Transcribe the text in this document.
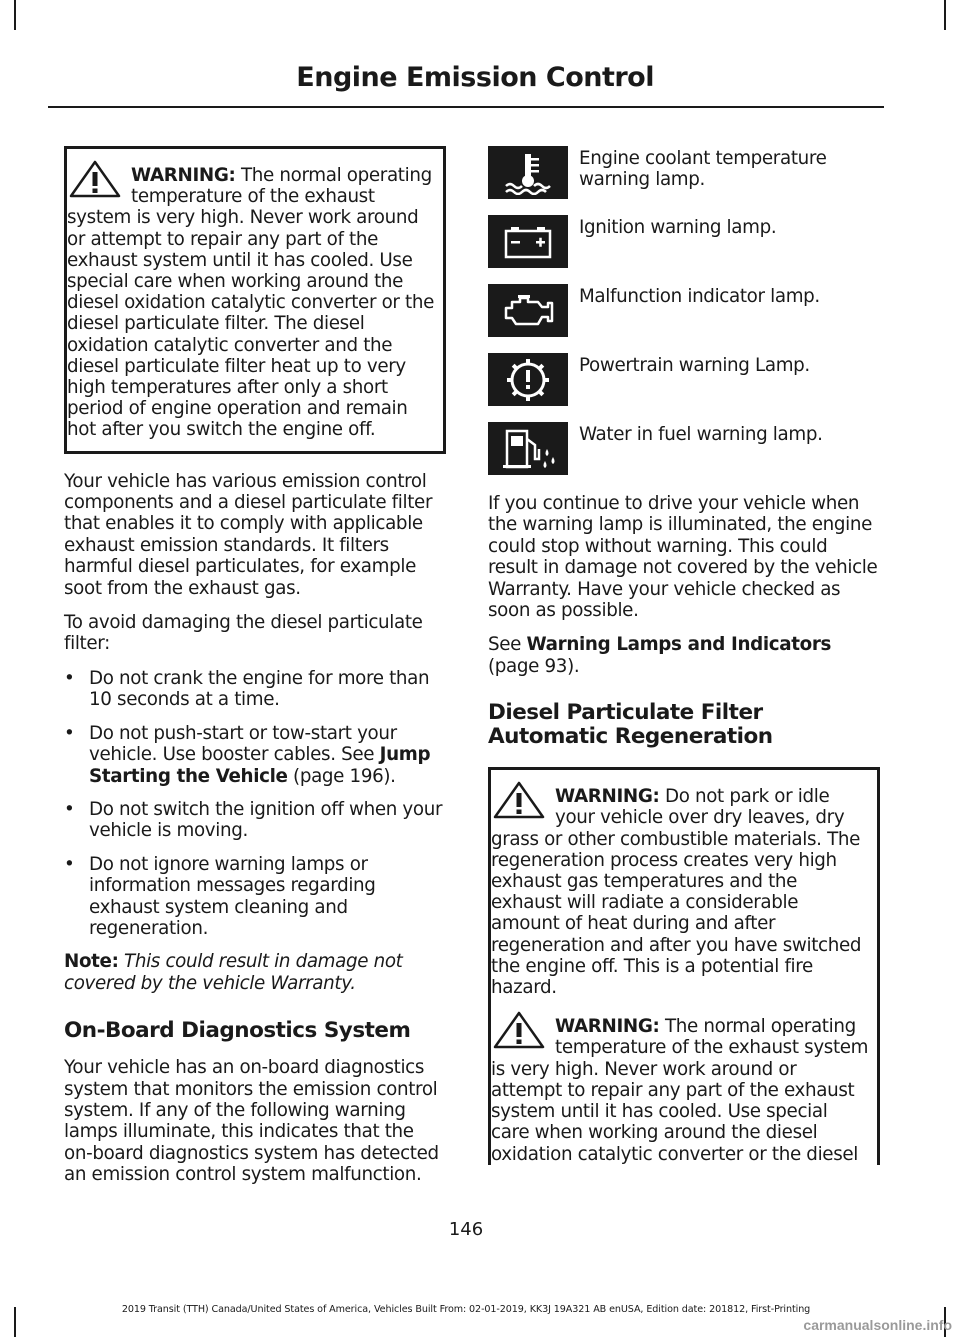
Engine Emission Control
WARNING: The normal operating temperature of the exhaust system is very high. Never work around or attempt to repair any part of the exhaust system until it has cooled. Use special care when working around the diesel oxidation catalytic converter or the diesel particulate filter. The diesel oxidation catalytic converter and the diesel particulate filter heat up to very high temperatures after only a short period of engine operation and remain hot after you switch the engine off.

Your vehicle has various emission control components and a diesel particulate filter that enables it to comply with applicable exhaust emission standards. It filters harmful diesel particulates, for example soot from the exhaust gas.

To avoid damaging the diesel particulate filter:

• Do not crank the engine for more than 10 seconds at a time.
• Do not push-start or tow-start your vehicle. Use booster cables. See Jump Starting the Vehicle (page 196).
• Do not switch the ignition off when your vehicle is moving.
• Do not ignore warning lamps or information messages regarding exhaust system cleaning and regeneration.

Note: This could result in damage not covered by the vehicle Warranty.

On-Board Diagnostics System

Your vehicle has an on-board diagnostics system that monitors the emission control system. If any of the following warning lamps illuminate, this indicates that the on-board diagnostics system has detected an emission control system malfunction.

Engine coolant temperature warning lamp.
Ignition warning lamp.
Malfunction indicator lamp.
Powertrain warning Lamp.
Water in fuel warning lamp.

If you continue to drive your vehicle when the warning lamp is illuminated, the engine could stop without warning. This could result in damage not covered by the vehicle Warranty. Have your vehicle checked as soon as possible.

See Warning Lamps and Indicators (page 93).

Diesel Particulate Filter Automatic Regeneration
WARNING: Do not park or idle your vehicle over dry leaves, dry grass or other combustible materials. The regeneration process creates very high exhaust gas temperatures and the exhaust will radiate a considerable amount of heat during and after regeneration and after you have switched the engine off. This is a potential fire hazard.
WARNING: The normal operating temperature of the exhaust system is very high. Never work around or attempt to repair any part of the exhaust system until it has cooled. Use special care when working around the diesel oxidation catalytic converter or the diesel
146
2019 Transit (TTH) Canada/United States of America, Vehicles Built From: 02-01-2019, KK3J 19A321 AB enUSA, Edition date: 201812, First-Printing
carmanualsonline.info
